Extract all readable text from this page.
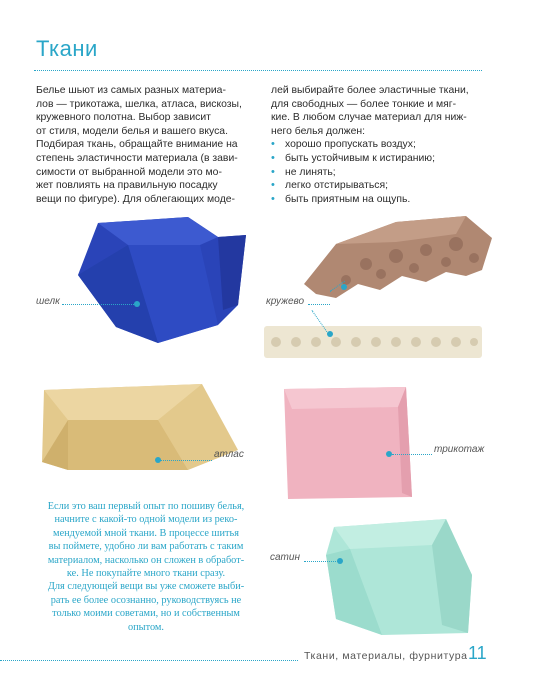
Ткани

Белье шьют из самых разных материа-

лов — трикотажа, шелка, атласа, вискозы,

кружевного полотна. Выбор зависит

от стиля, модели белья и вашего вкуса.

Подбирая ткань, обращайте внимание на

степень эластичности материала (в зави-

симости от выбранной модели это мо-

жет повлиять на правильную посадку

вещи по фигуре). Для облегающих моде-

лей выбирайте более эластичные ткани,

для свободных — более тонкие и мяг-

кие. В любом случае материал для ниж-

него белья должен:

• хорошо пропускать воздух;
• быть устойчивым к истиранию;
• не линять;
• легко отстирываться;
• быть приятным на ощупь.
шелк	кружево
атлас	трикотаж
сатин

Если это ваш первый опыт по пошиву белья,

начните с какой-то одной модели из реко-

мендуемой мной ткани. В процессе шитья

вы поймете, удобно ли вам работать с таким

материалом, насколько он сложен в обработ-

ке. Не покупайте много ткани сразу.

Для следующей вещи вы уже сможете выби-

рать ее более осознанно, руководствуясь не

только моими советами, но и собственным

опытом.

Ткани, материалы, фурнитура 11
